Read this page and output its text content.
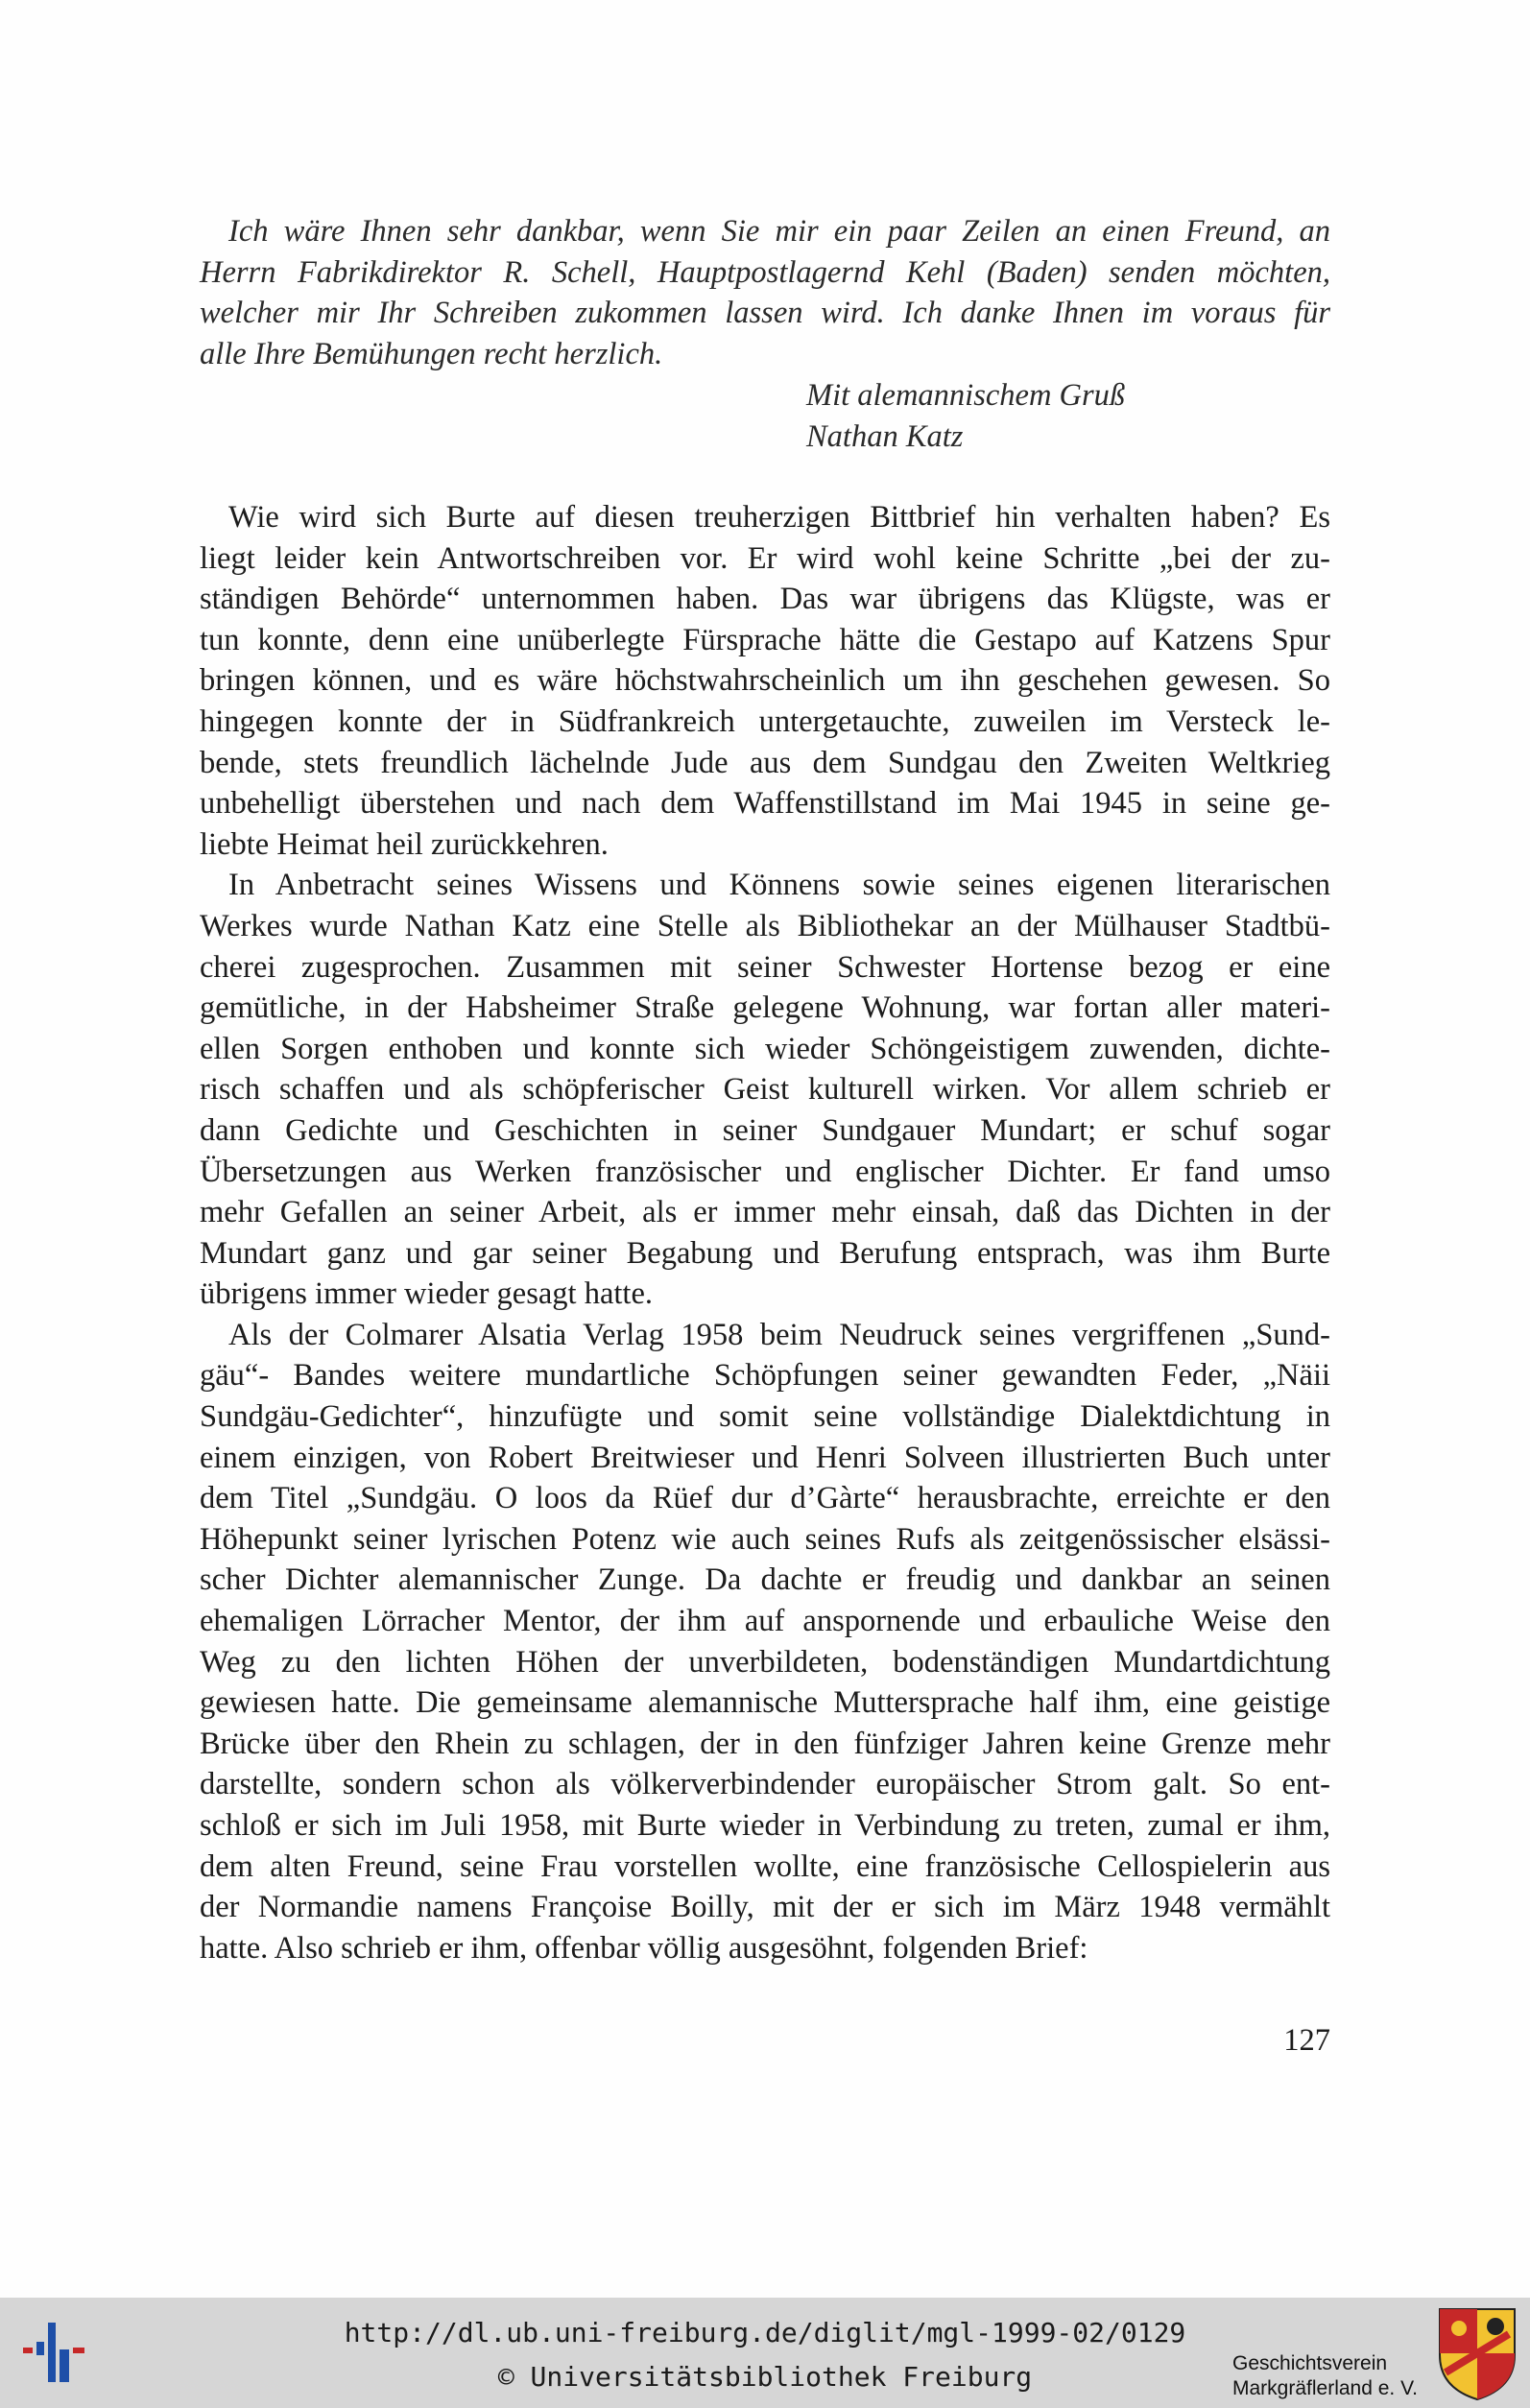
Ich wäre Ihnen sehr dankbar, wenn Sie mir ein paar Zeilen an einen Freund, an
Herrn Fabrikdirektor R. Schell, Hauptpostlagernd Kehl (Baden) senden möchten,
welcher mir Ihr Schreiben zukommen lassen wird. Ich danke Ihnen im voraus für
alle Ihre Bemühungen recht herzlich.
Mit alemannischem Gruß
Nathan Katz
Wie wird sich Burte auf diesen treuherzigen Bittbrief hin verhalten haben? Es
liegt leider kein Antwortschreiben vor. Er wird wohl keine Schritte „bei der zu-
ständigen Behörde“ unternommen haben. Das war übrigens das Klügste, was er
tun konnte, denn eine unüberlegte Fürsprache hätte die Gestapo auf Katzens Spur
bringen können, und es wäre höchstwahrscheinlich um ihn geschehen gewesen. So
hingegen konnte der in Südfrankreich untergetauchte, zuweilen im Versteck le-
bende, stets freundlich lächelnde Jude aus dem Sundgau den Zweiten Weltkrieg
unbehelligt überstehen und nach dem Waffenstillstand im Mai 1945 in seine ge-
liebte Heimat heil zurückkehren.
In Anbetracht seines Wissens und Könnens sowie seines eigenen literarischen
Werkes wurde Nathan Katz eine Stelle als Bibliothekar an der Mülhauser Stadtbü-
cherei zugesprochen. Zusammen mit seiner Schwester Hortense bezog er eine
gemütliche, in der Habsheimer Straße gelegene Wohnung, war fortan aller materi-
ellen Sorgen enthoben und konnte sich wieder Schöngeistigem zuwenden, dichte-
risch schaffen und als schöpferischer Geist kulturell wirken. Vor allem schrieb er
dann Gedichte und Geschichten in seiner Sundgauer Mundart; er schuf sogar
Übersetzungen aus Werken französischer und englischer Dichter. Er fand umso
mehr Gefallen an seiner Arbeit, als er immer mehr einsah, daß das Dichten in der
Mundart ganz und gar seiner Begabung und Berufung entsprach, was ihm Burte
übrigens immer wieder gesagt hatte.
Als der Colmarer Alsatia Verlag 1958 beim Neudruck seines vergriffenen „Sund-
gäu“- Bandes weitere mundartliche Schöpfungen seiner gewandten Feder, „Näii
Sundgäu-Gedichter“, hinzufügte und somit seine vollständige Dialektdichtung in
einem einzigen, von Robert Breitwieser und Henri Solveen illustrierten Buch unter
dem Titel „Sundgäu. O loos da Rüef dur d’Gàrte“ herausbrachte, erreichte er den
Höhepunkt seiner lyrischen Potenz wie auch seines Rufs als zeitgenössischer elsässi-
scher Dichter alemannischer Zunge. Da dachte er freudig und dankbar an seinen
ehemaligen Lörracher Mentor, der ihm auf anspornende und erbauliche Weise den
Weg zu den lichten Höhen der unverbildeten, bodenständigen Mundartdichtung
gewiesen hatte. Die gemeinsame alemannische Muttersprache half ihm, eine geistige
Brücke über den Rhein zu schlagen, der in den fünfziger Jahren keine Grenze mehr
darstellte, sondern schon als völkerverbindender europäischer Strom galt. So ent-
schloß er sich im Juli 1958, mit Burte wieder in Verbindung zu treten, zumal er ihm,
dem alten Freund, seine Frau vorstellen wollte, eine französische Cellospielerin aus
der Normandie namens Françoise Boilly, mit der er sich im März 1948 vermählt
hatte. Also schrieb er ihm, offenbar völlig ausgesöhnt, folgenden Brief:
127
http://dl.ub.uni-freiburg.de/diglit/mgl-1999-02/0129
© Universitätsbibliothek Freiburg	Geschichtsverein
Markgräflerland e. V.
